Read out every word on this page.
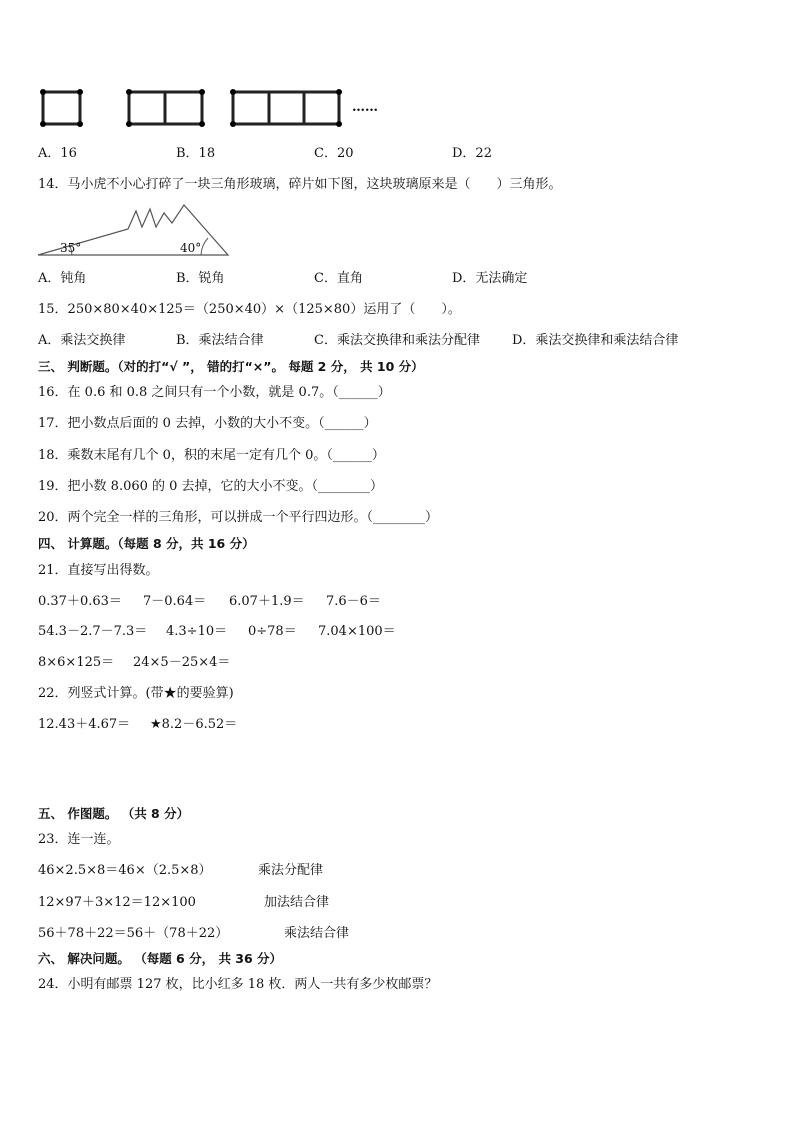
……
A．16	B．18	C．20	D．22
14．马小虎不小心打碎了一块三角形玻璃，碎片如下图，这块玻璃原来是（　　）三角形。
35°	40°
A．钝角	B．锐角	C．直角	D．无法确定
15．250×80×40×125＝（250×40）×（125×80）运用了（　　）。
A．乘法交换律	B．乘法结合律	C．乘法交换律和乘法分配律 D．乘法交换律和乘法结合律
三、 判断题。（对的打“√ ”， 错的打“×”。 每题 2 分， 共 10 分）
16．在 0.6 和 0.8 之间只有一个小数，就是 0.7。（______）
17．把小数点后面的 0 去掉，小数的大小不变。（______）
18．乘数末尾有几个 0，积的末尾一定有几个 0。（______）
19．把小数 8.060 的 0 去掉，它的大小不变。（________）
20．两个完全一样的三角形，可以拼成一个平行四边形。（________）
四、 计算题。（每题 8 分，共 16 分）
21．直接写出得数。
0.37＋0.63＝ 7－0.64＝ 6.07＋1.9＝ 7.6－6＝
54.3－2.7－7.3＝ 4.3÷10＝ 0÷78＝ 7.04×100＝
8×6×125＝ 24×5－25×4＝
22．列竖式计算。(带★的要验算)
12.43＋4.67＝ ★8.2－6.52＝
五、 作图题。 （共 8 分）
23．连一连。
46×2.5×8＝46×（2.5×8）	乘法分配律
12×97＋3×12＝12×100	加法结合律
56＋78＋22＝56＋（78＋22）	乘法结合律
六、 解决问题。 （每题 6 分， 共 36 分）
24．小明有邮票 127 枚，比小红多 18 枚．两人一共有多少枚邮票？
